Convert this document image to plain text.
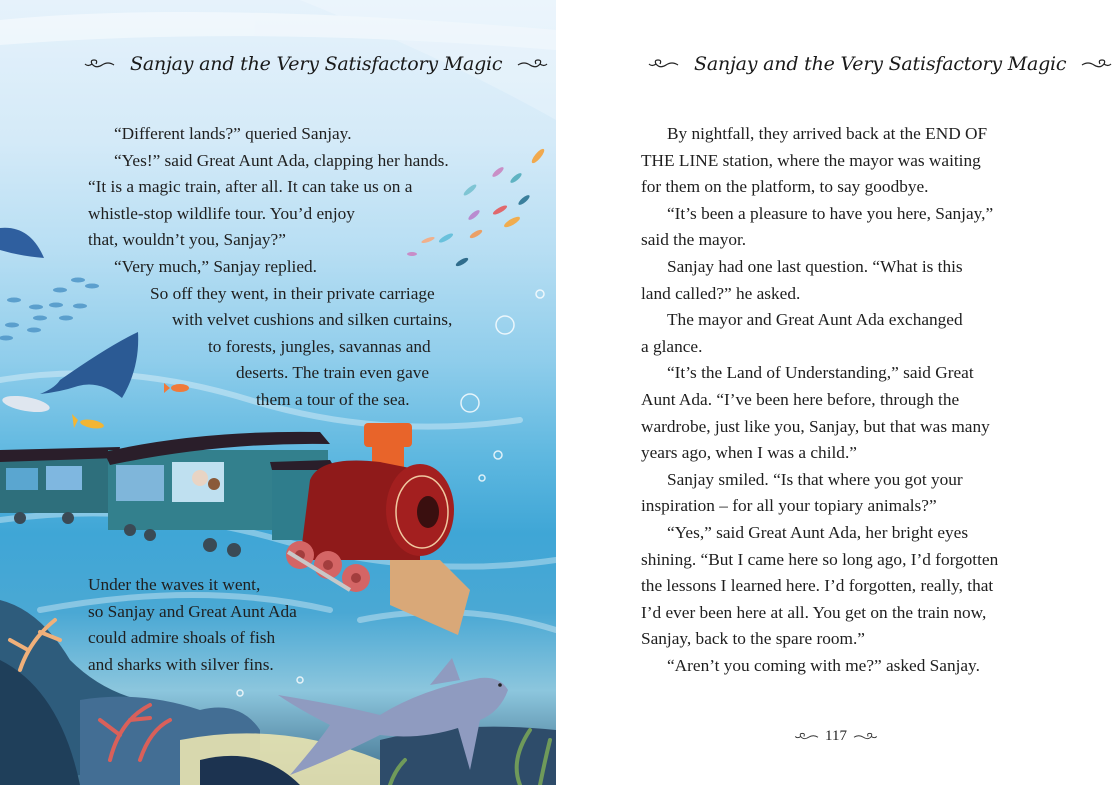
Sanjay and the Very Satisfactory Magic
“Different lands?” queried Sanjay.
“Yes!” said Great Aunt Ada, clapping her hands.
“It is a magic train, after all. It can take us on a
whistle-stop wildlife tour. You’d enjoy
that, wouldn’t you, Sanjay?”
“Very much,” Sanjay replied.
So off they went, in their private carriage
with velvet cushions and silken curtains,
to forests, jungles, savannas and
deserts. The train even gave
them a tour of the sea.
Under the waves it went,
so Sanjay and Great Aunt Ada
could admire shoals of fish
and sharks with silver fins.
Sanjay and the Very Satisfactory Magic
By nightfall, they arrived back at the END OF
THE LINE station, where the mayor was waiting
for them on the platform, to say goodbye.
“It’s been a pleasure to have you here, Sanjay,”
said the mayor.
Sanjay had one last question. “What is this
land called?” he asked.
The mayor and Great Aunt Ada exchanged
a glance.
“It’s the Land of Understanding,” said Great
Aunt Ada. “I’ve been here before, through the
wardrobe, just like you, Sanjay, but that was many
years ago, when I was a child.”
Sanjay smiled. “Is that where you got your
inspiration – for all your topiary animals?”
“Yes,” said Great Aunt Ada, her bright eyes
shining. “But I came here so long ago, I’d forgotten
the lessons I learned here. I’d forgotten, really, that
I’d ever been here at all. You get on the train now,
Sanjay, back to the spare room.”
“Aren’t you coming with me?” asked Sanjay.
117
